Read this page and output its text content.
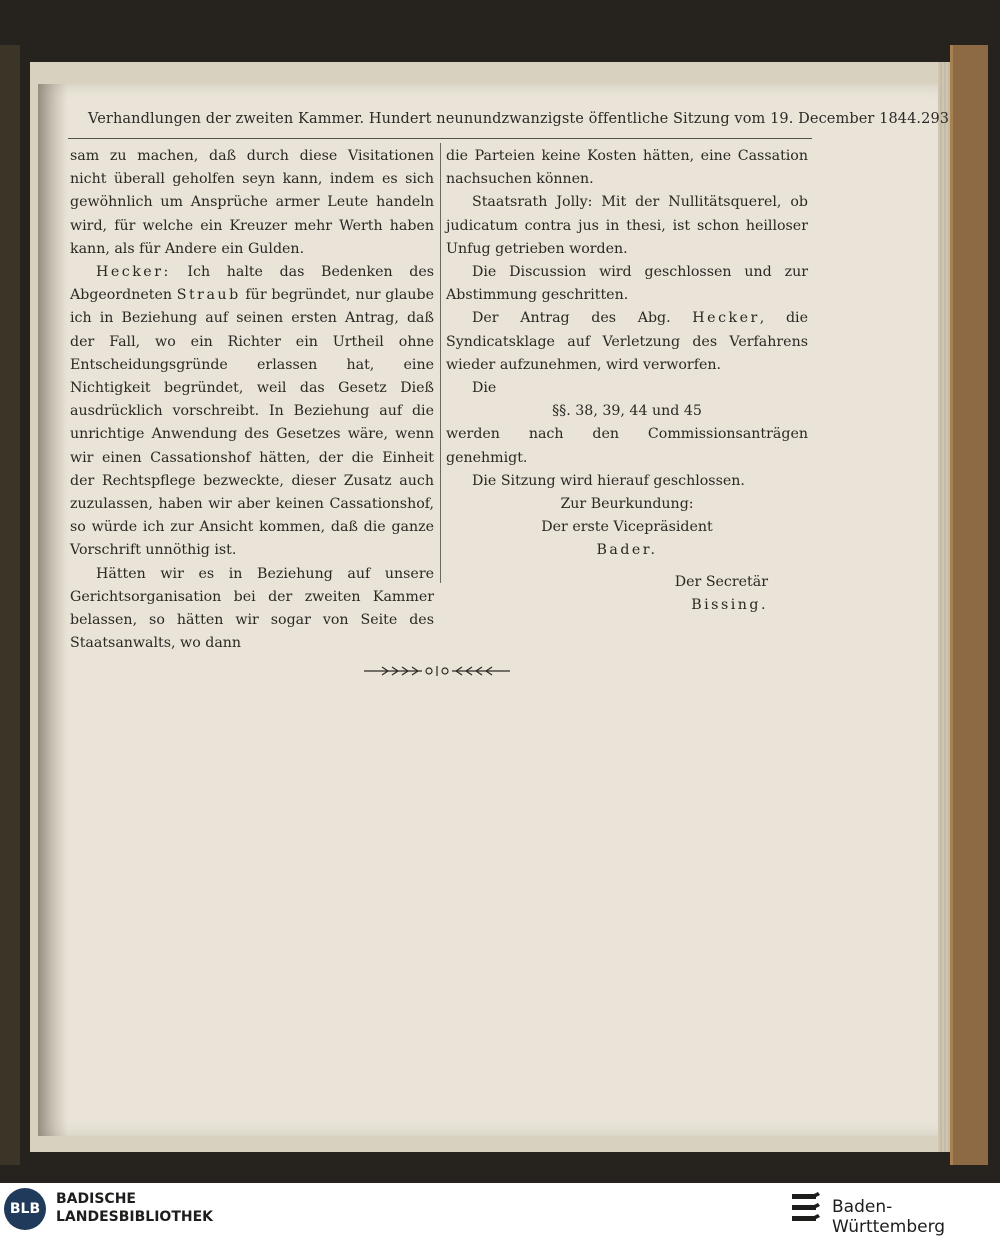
Verhandlungen der zweiten Kammer. Hundert neunundzwanzigste öffentliche Sitzung vom 19. December 1844. 293

sam zu machen, daß durch diese Visitationen nicht überall geholfen seyn kann, indem es sich gewöhnlich um Ansprüche armer Leute handeln wird, für welche ein Kreuzer mehr Werth haben kann, als für Andere ein Gulden.

Hecker: Ich halte das Bedenken des Abgeordneten Straub für begründet, nur glaube ich in Beziehung auf seinen ersten Antrag, daß der Fall, wo ein Richter ein Urtheil ohne Entscheidungsgründe erlassen hat, eine Nichtigkeit begründet, weil das Gesetz Dieß ausdrücklich vorschreibt. In Beziehung auf die unrichtige Anwendung des Gesetzes wäre, wenn wir einen Cassationshof hätten, der die Einheit der Rechtspflege bezweckte, dieser Zusatz auch zuzulassen, haben wir aber keinen Cassationshof, so würde ich zur Ansicht kommen, daß die ganze Vorschrift unnöthig ist.

Hätten wir es in Beziehung auf unsere Gerichtsorganisation bei der zweiten Kammer belassen, so hätten wir sogar von Seite des Staatsanwalts, wo dann

die Parteien keine Kosten hätten, eine Cassation nachsuchen können.

Staatsrath Jolly: Mit der Nullitätsquerel, ob judicatum contra jus in thesi, ist schon heilloser Unfug getrieben worden.

Die Discussion wird geschlossen und zur Abstimmung geschritten.

Der Antrag des Abg. Hecker, die Syndicatsklage auf Verletzung des Verfahrens wieder aufzunehmen, wird verworfen.

Die

§§. 38, 39, 44 und 45

werden nach den Commissionsanträgen genehmigt.

Die Sitzung wird hierauf geschlossen.

Zur Beurkundung:

Der erste Vicepräsident

Bader.

Der Secretär

Bissing.

BLB
BADISCHE
LANDESBIBLIOTHEK	Baden-Württemberg
